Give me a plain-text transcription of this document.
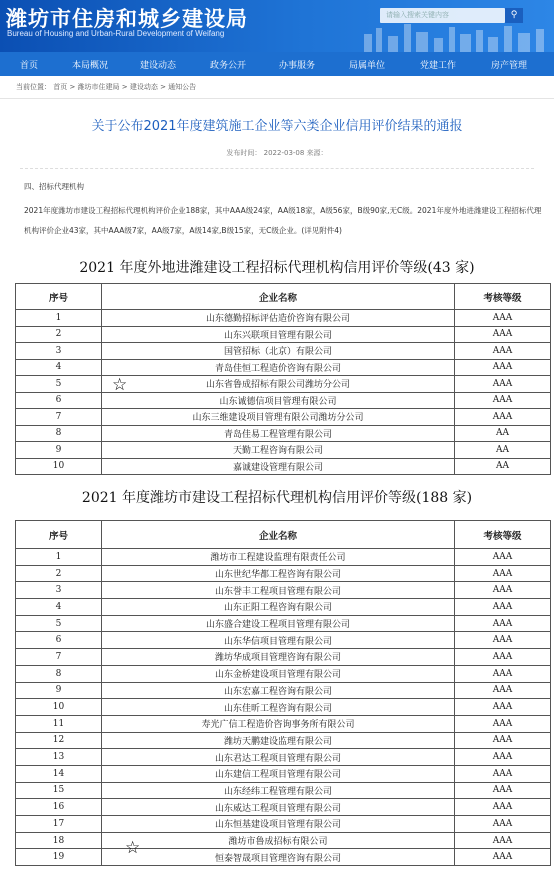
潍坊市住房和城乡建设局
Bureau of Housing and Urban-Rural Development of Weifang
请输入搜索关键内容	⚲
首页	本局概况	建设动态	政务公开	办事服务	局属单位	党建工作	房产管理
当前位置： 首页 > 潍坊市住建局 > 建设动态 > 通知公告
关于公布2021年度建筑施工企业等六类企业信用评价结果的通报
发布时间： 2022-03-08 来源：
四、招标代理机构
2021年度潍坊市建设工程招标代理机构评价企业188家，其中AAA级24家，AA级18家，A级56家，B级90家,无C级。2021年度外地进潍建设工程招标代理机构评价企业43家，其中AAA级7家，AA级7家，A级14家,B级15家，无C级企业。(详见附件4)
2021 年度外地进潍建设工程招标代理机构信用评价等级(43 家)
序号	企业名称	考核等级
1	山东德勤招标评估造价咨询有限公司	AAA
2	山东兴联项目管理有限公司	AAA
3	国管招标（北京）有限公司	AAA
4	青岛佳恒工程造价咨询有限公司	AAA
5	山东省鲁成招标有限公司潍坊分公司	AAA
6	山东诚德信项目管理有限公司	AAA
7	山东三维建设项目管理有限公司潍坊分公司	AAA
8	青岛佳易工程管理有限公司	AA
9	天勤工程咨询有限公司	AA
10	嘉诚建设管理有限公司	AA
☆
2021 年度潍坊市建设工程招标代理机构信用评价等级(188 家)
序号	企业名称	考核等级
1	潍坊市工程建设监理有限责任公司	AAA
2	山东世纪华都工程咨询有限公司	AAA
3	山东誉丰工程项目管理有限公司	AAA
4	山东正阳工程咨询有限公司	AAA
5	山东盛合建设工程项目管理有限公司	AAA
6	山东华信项目管理有限公司	AAA
7	潍坊华成项目管理咨询有限公司	AAA
8	山东金桥建设项目管理有限公司	AAA
9	山东宏嘉工程咨询有限公司	AAA
10	山东佳昕工程咨询有限公司	AAA
11	寿光广信工程造价咨询事务所有限公司	AAA
12	潍坊天鹏建设监理有限公司	AAA
13	山东君达工程项目管理有限公司	AAA
14	山东建信工程项目管理有限公司	AAA
15	山东经纬工程管理有限公司	AAA
16	山东威达工程项目管理有限公司	AAA
17	山东恒基建设项目管理有限公司	AAA
18	潍坊市鲁成招标有限公司	AAA
19	恒泰智晟项目管理咨询有限公司	AAA
☆
